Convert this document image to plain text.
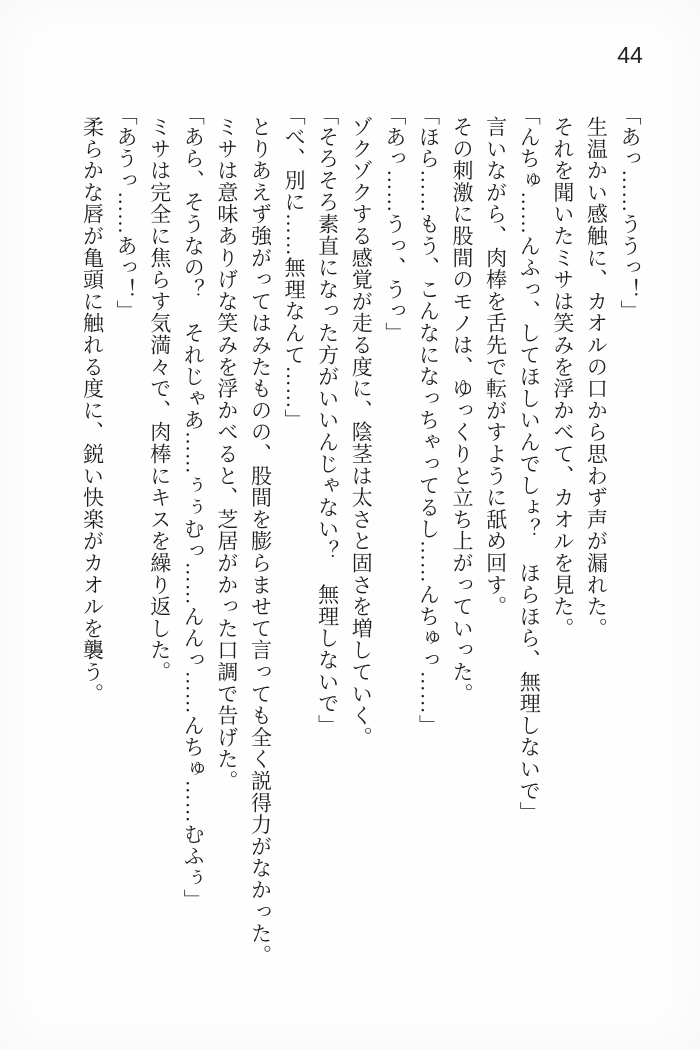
44

「あっ……ううっ！」

生温かい感触に、カオルの口から思わず声が漏れた。

それを聞いたミサは笑みを浮かべて、カオルを見た。

「んちゅ……んふっ、してほしいんでしょ？　ほらほら、無理しないで」

言いながら、肉棒を舌先で転がすように舐め回す。

その刺激に股間のモノは、ゆっくりと立ち上がっていった。

「ほら……もう、こんなになっちゃってるし……んちゅっ……」

「あっ……うっ、うっ」

ゾクゾクする感覚が走る度に、陰茎は太さと固さを増していく。

「そろそろ素直になった方がいいんじゃない？　無理しないで」

「べ、別に……無理なんて……」

とりあえず強がってはみたものの、股間を膨らませて言っても全く説得力がなかった。

ミサは意味ありげな笑みを浮かべると、芝居がかった口調で告げた。

「あら、そうなの？　それじゃあ……ぅぅむっ……んんっ……んちゅ……むふぅ」

ミサは完全に焦らす気満々で、肉棒にキスを繰り返した。

「あうっ……あっ！」

柔らかな唇が亀頭に触れる度に、鋭い快楽がカオルを襲う。
